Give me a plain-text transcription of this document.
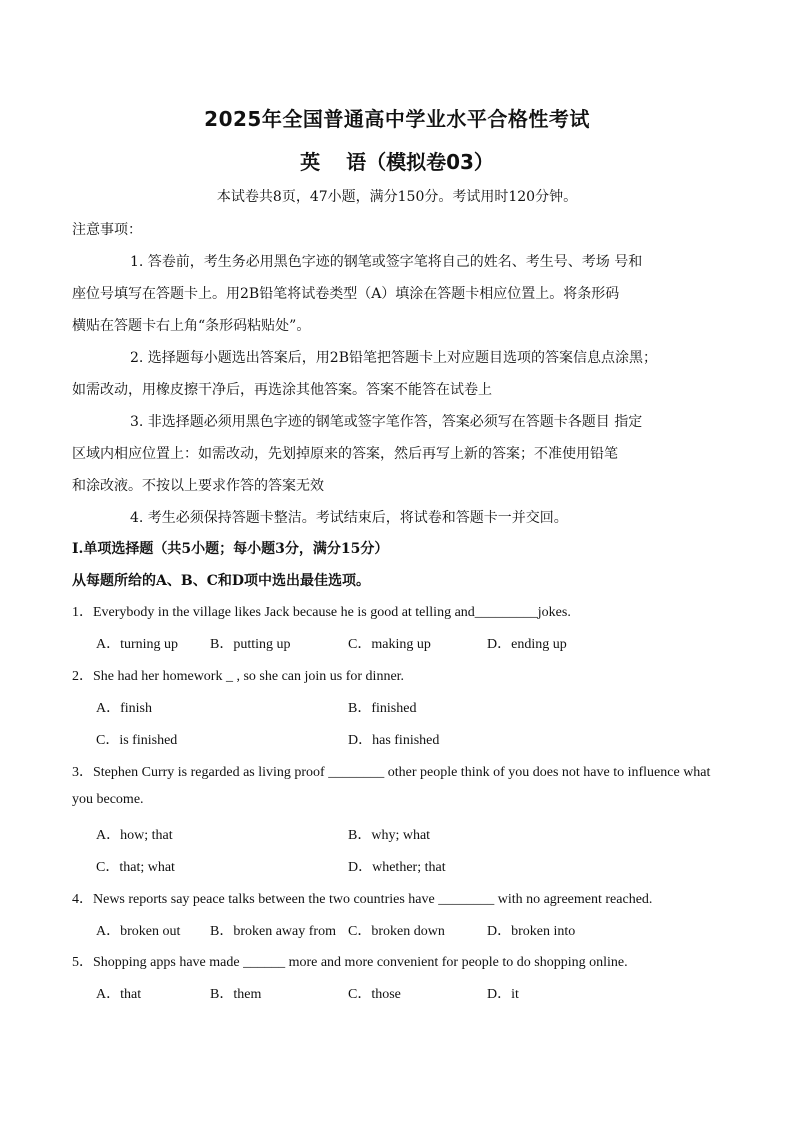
2025年全国普通高中学业水平合格性考试
英 语（模拟卷03）
本试卷共8页，47小题，满分150分。考试用时120分钟。
注意事项：
1. 答卷前，考生务必用黑色字迹的钢笔或签字笔将自己的姓名、考生号、考场 号和
座位号填写在答题卡上。用2B铅笔将试卷类型（A）填涂在答题卡相应位置上。将条形码
横贴在答题卡右上角“条形码粘贴处”。
2. 选择题每小题选出答案后，用2B铅笔把答题卡上对应题目选项的答案信息点涂黑；
如需改动，用橡皮擦干净后，再选涂其他答案。答案不能答在试卷上
3. 非选择题必须用黑色字迹的钢笔或签字笔作答，答案必须写在答题卡各题目 指定
区域内相应位置上：如需改动，先划掉原来的答案，然后再写上新的答案；不准使用铅笔
和涂改液。不按以上要求作答的答案无效
4. 考生必须保持答题卡整洁。考试结束后，将试卷和答题卡一并交回。
I.单项选择题（共5小题；每小题3分，满分15分）
从每题所给的A、B、C和D项中选出最佳选项。
1．Everybody in the village likes Jack because he is good at telling and_________jokes.
A．turning up B．putting up	C．making up	D．ending up
2．She had her homework _ , so she can join us for dinner.
A．finish	B．finished
C．is finished	D．has finished
3．Stephen Curry is regarded as living proof ________ other people think of you does not have to influence what
you become.
A．how; that	B．why; what
C．that; what	D．whether; that
4．News reports say peace talks between the two countries have ________ with no agreement reached.
A．broken out B．broken away from C．broken down	D．broken into
5．Shopping apps have made ______ more and more convenient for people to do shopping online.
A．that	B．them	C．those	D．it
